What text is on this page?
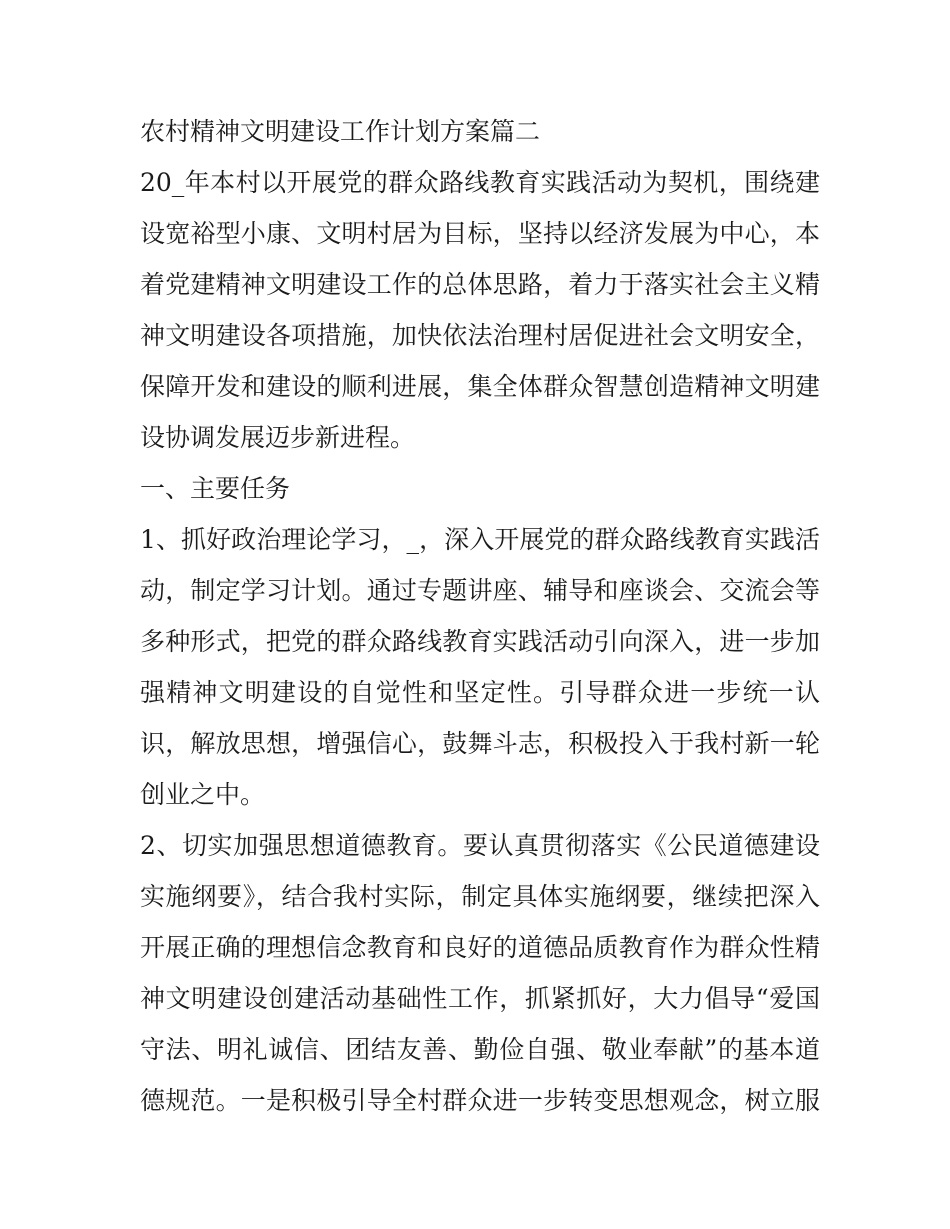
农村精神文明建设工作计划方案篇二
20_年本村以开展党的群众路线教育实践活动为契机，围绕建
设宽裕型小康、文明村居为目标，坚持以经济发展为中心，本
着党建精神文明建设工作的总体思路，着力于落实社会主义精
神文明建设各项措施，加快依法治理村居促进社会文明安全，
保障开发和建设的顺利进展，集全体群众智慧创造精神文明建
设协调发展迈步新进程。
一、主要任务
1、抓好政治理论学习，_，深入开展党的群众路线教育实践活
动，制定学习计划。通过专题讲座、辅导和座谈会、交流会等
多种形式，把党的群众路线教育实践活动引向深入，进一步加
强精神文明建设的自觉性和坚定性。引导群众进一步统一认
识，解放思想，增强信心，鼓舞斗志，积极投入于我村新一轮
创业之中。
2、切实加强思想道德教育。要认真贯彻落实《公民道德建设
实施纲要》，结合我村实际，制定具体实施纲要，继续把深入
开展正确的理想信念教育和良好的道德品质教育作为群众性精
神文明建设创建活动基础性工作，抓紧抓好，大力倡导“爱国
守法、明礼诚信、团结友善、勤俭自强、敬业奉献”的基本道
德规范。一是积极引导全村群众进一步转变思想观念，树立服
